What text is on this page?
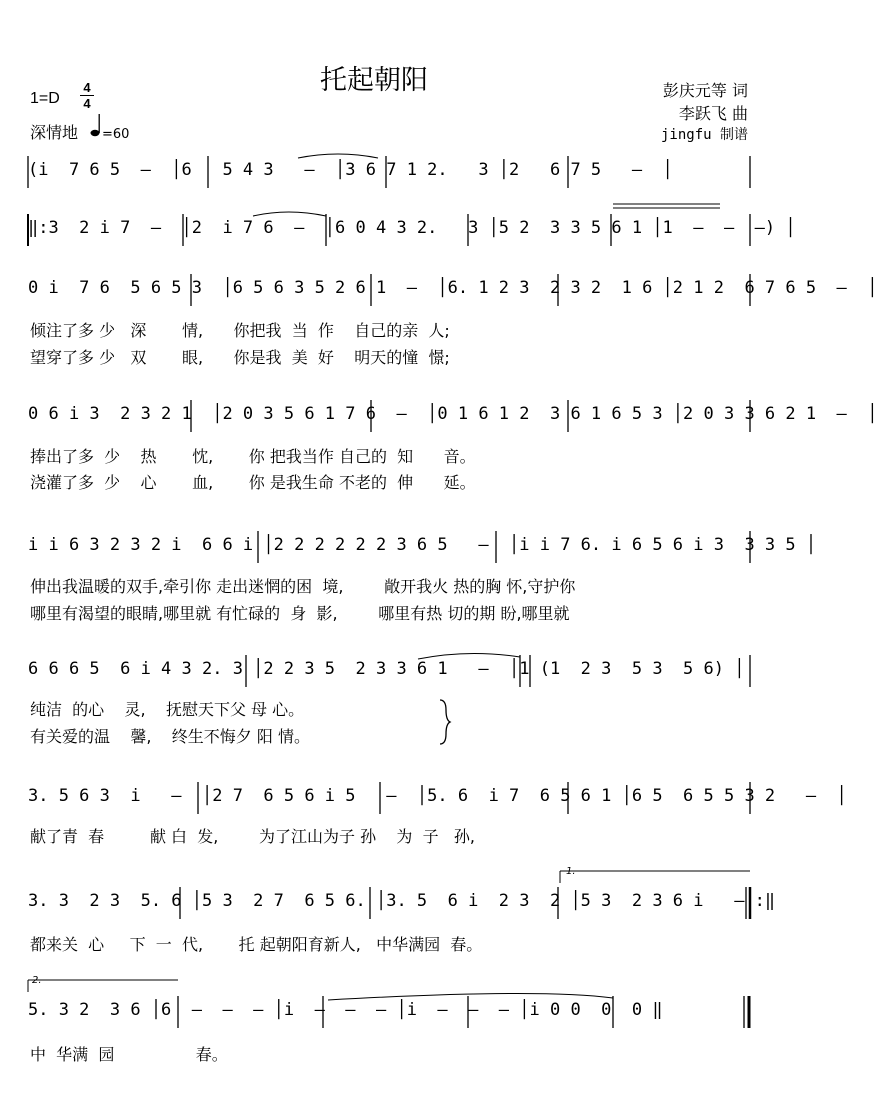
托起朝阳	彭庆元等 词
李跃飞 曲
jingfu 制谱
1=D
4
4
深情地 =60
(i  7 6 5  –  │6   5 4 3   –  │3 6 7 1 2.   3 │2   6 7 5   –  │
‖:3  2 i 7  –  │2  i 7 6  –  │6 0 4 3 2.   3 │5 2  3 3 5 6 1 │1  –  –  –) │
0 i  7 6  5 6 5 3  │6 5 6 3 5 2 6 1  –  │6. 1 2 3  2 3 2  1 6 │2 1 2  6 7 6 5  –  │
倾注了多 少   深       情,      你把我  当  作    自己的亲  人;
望穿了多 少   双       眼,      你是我  美  好    明天的憧  憬;
0 6 i 3  2 3 2 1  │2 0 3 5 6 1 7 6  –  │0 1 6 1 2  3 6 1 6 5 3 │2 0 3 3 6 2 1  –  │
捧出了多  少    热       忱,       你 把我当作 自己的  知      音。
浇灌了多  少    心       血,       你 是我生命 不老的  伸      延。
i i 6 3 2 3 2 i  6 6 i │2 2 2 2 2 2 3 6 5   –  │i i 7 6. i 6 5 6 i 3  3 3 5 │
伸出我温暖的双手,牵引你 走出迷惘的困  境,        敞开我火 热的胸 怀,守护你
哪里有渴望的眼睛,哪里就 有忙碌的  身  影,        哪里有热 切的期 盼,哪里就
6 6 6 5  6 i 4 3 2. 3 │2 2 3 5  2 3 3 6 1   –  │1 (1  2 3  5 3  5 6) │
纯洁  的心    灵,    抚慰天下父 母 心。
有关爱的温    馨,    终生不悔夕 阳 情。
3. 5 6 3  i   –  │2 7  6 5 6 i 5   –  │5. 6  i 7  6 5 6 1 │6 5  6 5 5 3 2   –  │
献了青  春         献 白  发,        为了江山为子 孙    为  子   孙,
3. 3  2 3  5. 6 │5 3  2 7  6 5 6. │3. 5  6 i  2 3  2 │5 3  2 3 6 i   – :‖
1.
都来关  心     下  一  代,       托 起朝阳育新人,   中华满园  春。
5. 3 2  3 6 │6  –  –  – │i  –  –  – │i  –  –  – │i 0 0  0  0 ‖
2.
中  华满  园                春。
